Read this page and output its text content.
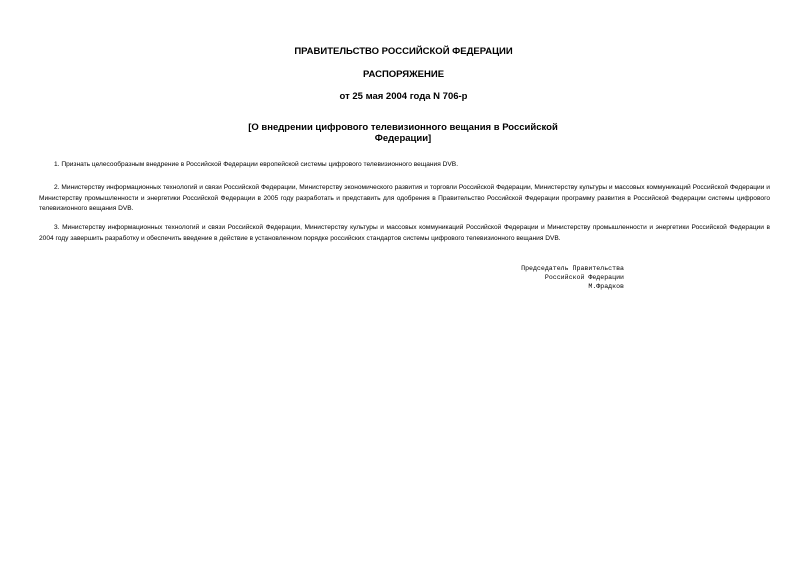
ПРАВИТЕЛЬСТВО РОССИЙСКОЙ ФЕДЕРАЦИИ
РАСПОРЯЖЕНИЕ
от 25 мая 2004 года N 706-р
[О внедрении цифрового телевизионного вещания в Российской Федерации]

1. Признать целесообразным внедрение в Российской Федерации европейской системы цифрового телевизионного вещания DVB.

2. Министерству информационных технологий и связи Российской Федерации, Министерству экономического развития и торговли Российской Федерации, Министерству культуры и массовых коммуникаций Российской Федерации и Министерству промышленности и энергетики Российской Федерации в 2005 году разработать и представить для одобрения в Правительство Российской Федерации программу развития в Российской Федерации системы цифрового телевизионного вещания DVB.

3. Министерству информационных технологий и связи Российской Федерации, Министерству культуры и массовых коммуникаций Российской Федерации и Министерству промышленности и энергетики Российской Федерации в 2004 году завершить разработку и обеспечить введение в действие в установленном порядке российских стандартов системы цифрового телевизионного вещания DVB.

Председатель Правительства
Российской Федерации
М.Фрадков
